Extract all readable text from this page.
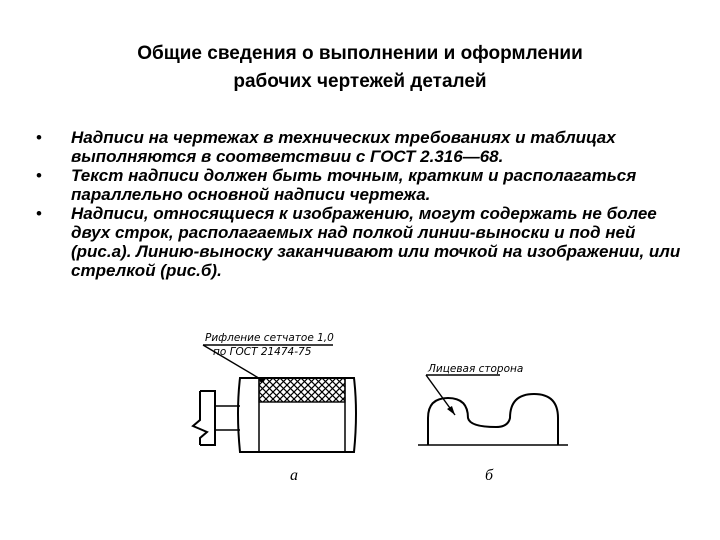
Общие сведения о выполнении и оформлении
рабочих чертежей деталей
• Надписи на чертежах в технических требованиях и таблицах выполняются в соответствии с ГОСТ 2.316—68.
• Текст надписи должен быть точным, кратким и располагаться параллельно основной надписи чертежа.
• Надписи, относящиеся к изображению, могут содержать не более двух строк, располагаемых над полкой линии-выноски и под ней (рис.а). Линию-выноску заканчивают или точкой на изображении, или стрелкой (рис.б).
Рифление сетчатое 1,0
по ГОСТ 21474-75
а
Лицевая сторона
б
